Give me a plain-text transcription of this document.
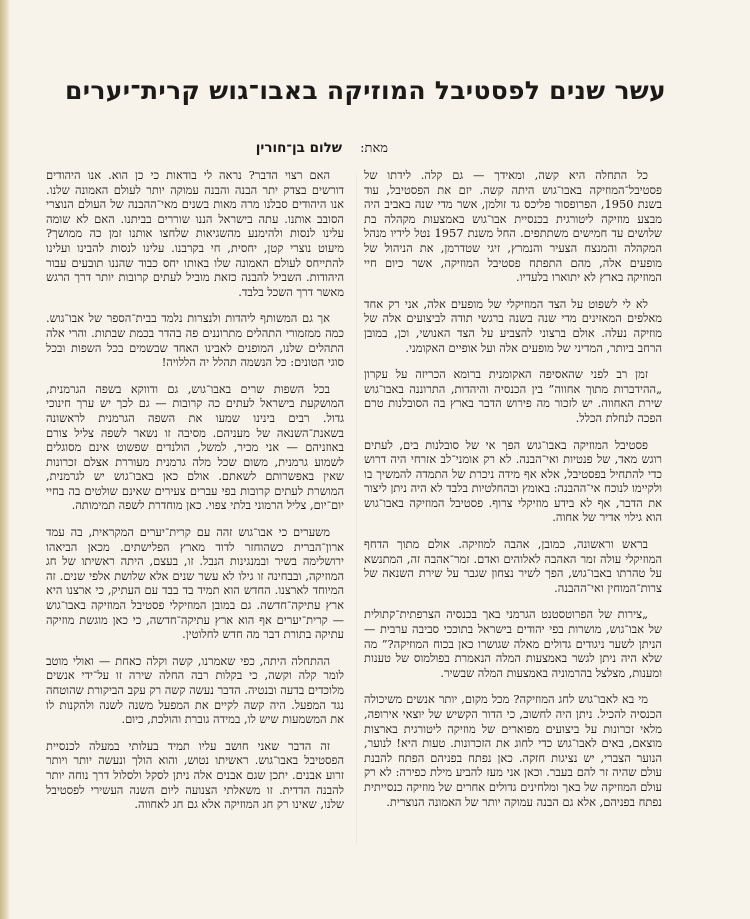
עשר שנים לפסטיבל המוזיקה באבו־גוש קרית־יערים
מאת: שלום בן־חורין

כל התחלה היא קשה, ומאידך — גם קלה. לידתו של פסטיבל־המוזיקה באבו־גוש היתה קשה. יזם את הפסטיבל, עוד בשנת 1950, הפרופסור פליכס גד זולמן, אשר מדי שנה באביב היה מבצע מוזיקה ליטורגית בכנסיית אבו־גוש באמצעות מקהלה בת שלושים עד חמישים משתתפים. החל משנת 1957 נטל לידיו מנהל המקהלה והמנצח הצעיר והנמרץ, זיגי שטדרמן, את הניהול של מופעים אלה, מהם התפתח פסטיבל המוזיקה, אשר כיום חיי המוזיקה בארץ לא יתוארו בלעדיו.

לא לי לשפוט על הצד המוזיקלי של מופעים אלה, אני רק אחד מאלפים המאזינים מדי שנה בשנה ברגשי תודה לביצועים אלה של מוזיקה נעלה. אולם ברצוני להצביע על הצד האנושי, וכן, במובן הרחב ביותר, המדיני של מופעים אלה ועל אופיים האקומני.

זמן רב לפני שהאסיפה האקומנית ברומא הכריזה על עקרון „ההידברות מתוך אחווה” בין הכנסיה והיהדות, התרוננה באבו־גוש שירת האחווה. יש לזכור מה פירוש הדבר בארץ בה הסובלנות טרם הפכה לנחלת הכלל.

פסטיבל המוזיקה באבו־גוש הפך אי של סובלנות בים, לעתים רוגש מאד, של פנטיות ואי־הבנה. לא רק אומני־לב אזרחי היה דרוש כדי להתחיל בפסטיבל, אלא אף מידה ניכרת של התמדה להמשיך בו ולקיימו לנוכח אי־ההבנה: באומץ ובהחלטיות בלבד לא היה ניתן ליצור את הדבר, אף לא בידע מוזיקלי צרוף. פסטיבל המוזיקה באבו־גוש הוא גילוי אדיר של אחוה.

בראש וראשונה, כמובן, אהבה למוזיקה. אולם מתוך הדחף המוזיקלי עולה זמר האהבה לאלוהים ואדם. זמר־אהבה זה, המתנשא על טהרתו באבו־גוש, הפך לשיר נצחון שגבר על שירת השנאה של צרות־המוחין ואי־ההבנה.

„צירות של הפרוטסטנט הגרמני באך בכנסיה הצרפתית־קתולית של אבו־גוש, מושרות בפי יהודים בישראל בתוככי סביבה ערבית — הניתן לשער ניגודים גדולים מאלה שגושרו כאן בכוח המוזיקה?” מה שלא היה ניתן לגשר באמצעות המלה הנאמרת בפולמוס של טענות ומענות, מצלצל בהרמוניה באמצעות המלה שבשיר.

מי בא לאבו־גוש לחג המוזיקה? מכל מקום, יותר אנשים משיכולה הכנסיה להכיל. ניתן היה לחשוב, כי הדור הקשיש של יוצאי אירופה, מלאי זכרונות על ביצועים מפוארים של מוזיקה ליטורגית בארצות מוצאם, באים לאבו־גוש כדי לחוג את הזכרונות. טעות היא! לנוער, הנוער הצברי, יש נציגות חזקה. כאן נפתח בפניהם הפתח להבנת עולם שהיה זר להם בעבר. וכאן אני מעז להביע מילת כפירה: לא רק עולם המוזיקה של באך ומלחינים גדולים אחרים של מוזיקה כנסייתית נפתח בפניהם, אלא גם הבנה עמוקה יותר של האמונה הנוצרית.

האם רצוי הדבר? נראה לי בודאות כי כן הוא. אנו היהודים דורשים בצדק יתר הבנה והבנה עמוקה יותר לעולם האמונה שלנו. אנו היהודים סבלנו מרה מאות בשנים מאי־ההבנה של העולם הנוצרי הסובב אותנו. עתה בישראל הננו שוררים בביתנו. האם לא שומה עלינו לנסות ולהימנע מהשגיאות שלחצו אותנו זמן כה ממושך? מיעוט נוצרי קטן, יחסית, חי בקרבנו. עלינו לנסות להבינו ועלינו להתייחס לעולם האמונה שלו באותו יחס כבוד שהננו תובעים עבור היהודות. השביל להבנה כזאת מוביל לעתים קרובות יותר דרך הרגש מאשר דרך השכל בלבד.

אך גם המשותף ליהדות ולנצרות נלמד בבית־הספר של אבו־גוש. כמה ממזמורי התהלים מתרוננים פה בהדר בכמת שבתות. והרי אלה התהלים שלנו, המופנים לאבינו האחד שבשמים בכל השפות ובכל סוגי הטונים: כל הנשמה תהלל יה הללויה!

בכל השפות שרים באבו־גוש, גם ודווקא בשפה הגרמנית, המושקעת בישראל לעתים כה קרובות — גם לכך יש ערך חינוכי גדול. רבים בינינו שמעו את השפה הגרמנית לראשונה בשאנת־השנאה של מעניהם. מסיבה זו נשאר לשפה צליל צורם באוזניהם — אני מכיר, למשל, הולנדים שפשוט אינם מסוגלים לשמוע גרמנית, משום שכל מלה גרמנית מעוררת אצלם זכרונות שאין באפשרותם לשאתם. אולם כאן באבו־גוש יש לגרמנית, המושרת לעתים קרובות בפי עברים צעירים שאינם שולטים בה בחיי יום־יום, צליל הרמוני בלתי צפוי. כאן מוחדרת לשפה תמימותה.

משערים כי אבו־גוש זהה עם קרית־יערים המקראית, בה עמד ארון־הברית כשהוחזר לדוד מארץ הפלישתים. מכאן הביאהו ירושלימה בשיר ובמנגינות הנבל. זו, בעצם, היתה ראשיתו של חג המוזיקה, ובבחינה זו גילו לא עשר שנים אלא שלושת אלפי שנים. זה המיוחד לארצנו. החדש הוא תמיד בד בבד עם העתיק, כי ארצנו היא ארץ עתיקה־חדשה. גם במובן המוזיקלי פסטיבל המוזיקה באבו־גוש — קרית־יערים אף הוא ארץ עתיקה־חדשה, כי כאן מוגשת מוזיקה עתיקה בתורת דבר מה חדש לחלוטין.

ההתחלה היתה, כפי שאמרנו, קשה וקלה כאחת — ואולי מוטב לומר קלה וקשה, כי בקלות רבה החלה שירה זו על־ידי אנשים מלוכדים בדעה ובנטיה. הדבר נעשה קשה רק עקב הביקורת שהוטחה נגד המפעל. היה קשה לקיים את המפעל משנה לשנה ולהקנות לו את המשמעות שיש לו, במידה גוברת והולכת, כיום.

זה הדבר שאני חושב עליו תמיד בעלותי במעלה לכנסיית הפסטיבל באבו־גוש. ראשיתו נטוש, והוא הולך ונעשה יותר ויותר זרוע אבנים. יתכן שגם אבנים אלה ניתן לסקל ולסלול דרך נוחה יותר להבנה הדדית. זו משאלתי הצנועה ליום השנה העשירי לפסטיבל שלנו, שאינו רק חג המוזיקה אלא גם חג לאחווה.
